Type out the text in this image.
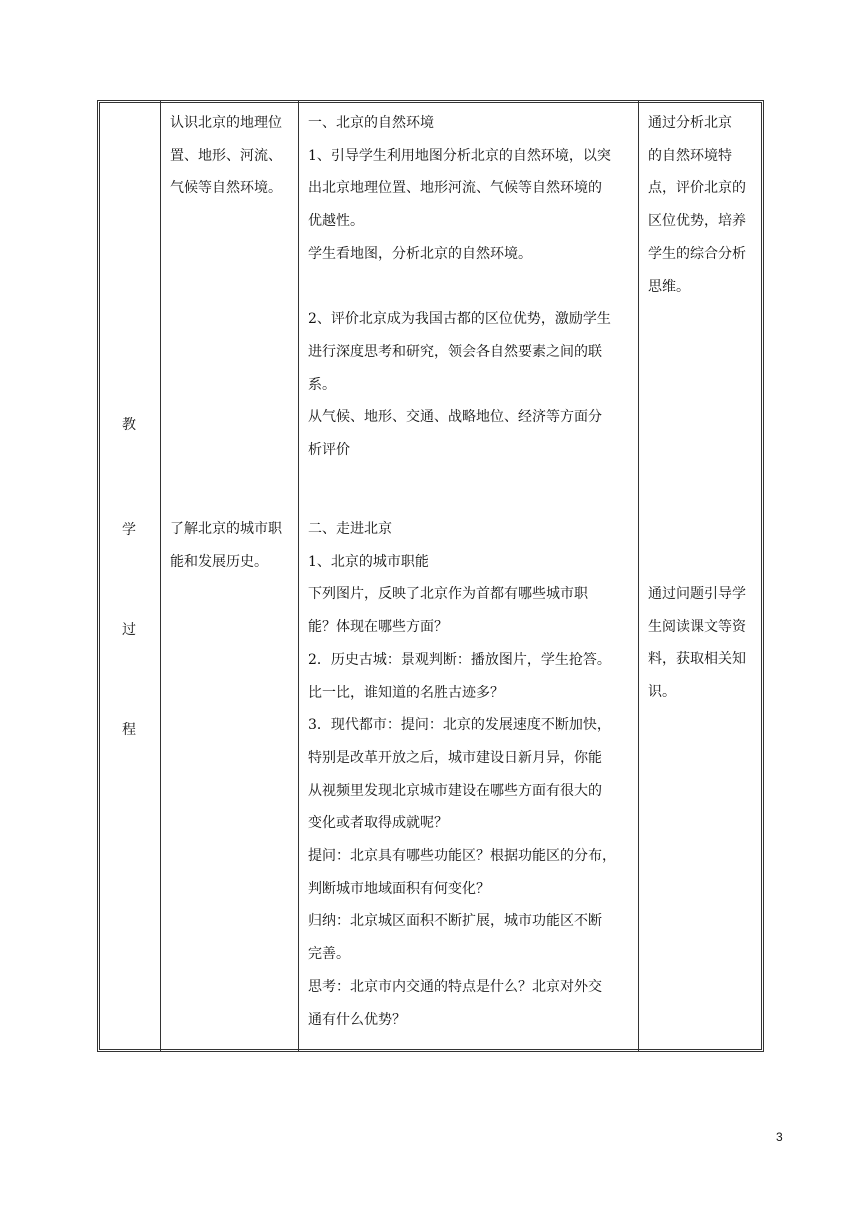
教
学
过
程

认识北京的地理位

置、地形、河流、

气候等自然环境。

了解北京的城市职

能和发展历史。

一、北京的自然环境

1、引导学生利用地图分析北京的自然环境，以突

出北京地理位置、地形河流、气候等自然环境的

优越性。

学生看地图，分析北京的自然环境。

2、评价北京成为我国古都的区位优势，激励学生

进行深度思考和研究，领会各自然要素之间的联

系。

从气候、地形、交通、战略地位、经济等方面分

析评价

二、走进北京

1、北京的城市职能

下列图片，反映了北京作为首都有哪些城市职

能？体现在哪些方面？

2．历史古城：景观判断：播放图片，学生抢答。

比一比，谁知道的名胜古迹多？

3．现代都市：提问：北京的发展速度不断加快，

特别是改革开放之后，城市建设日新月异，你能

从视频里发现北京城市建设在哪些方面有很大的

变化或者取得成就呢？

提问：北京具有哪些功能区？根据功能区的分布，

判断城市地域面积有何变化？

归纳：北京城区面积不断扩展，城市功能区不断

完善。

思考：北京市内交通的特点是什么？北京对外交

通有什么优势？

通过分析北京

的自然环境特

点，评价北京的

区位优势，培养

学生的综合分析

思维。

通过问题引导学

生阅读课文等资

料，获取相关知

识。

3
